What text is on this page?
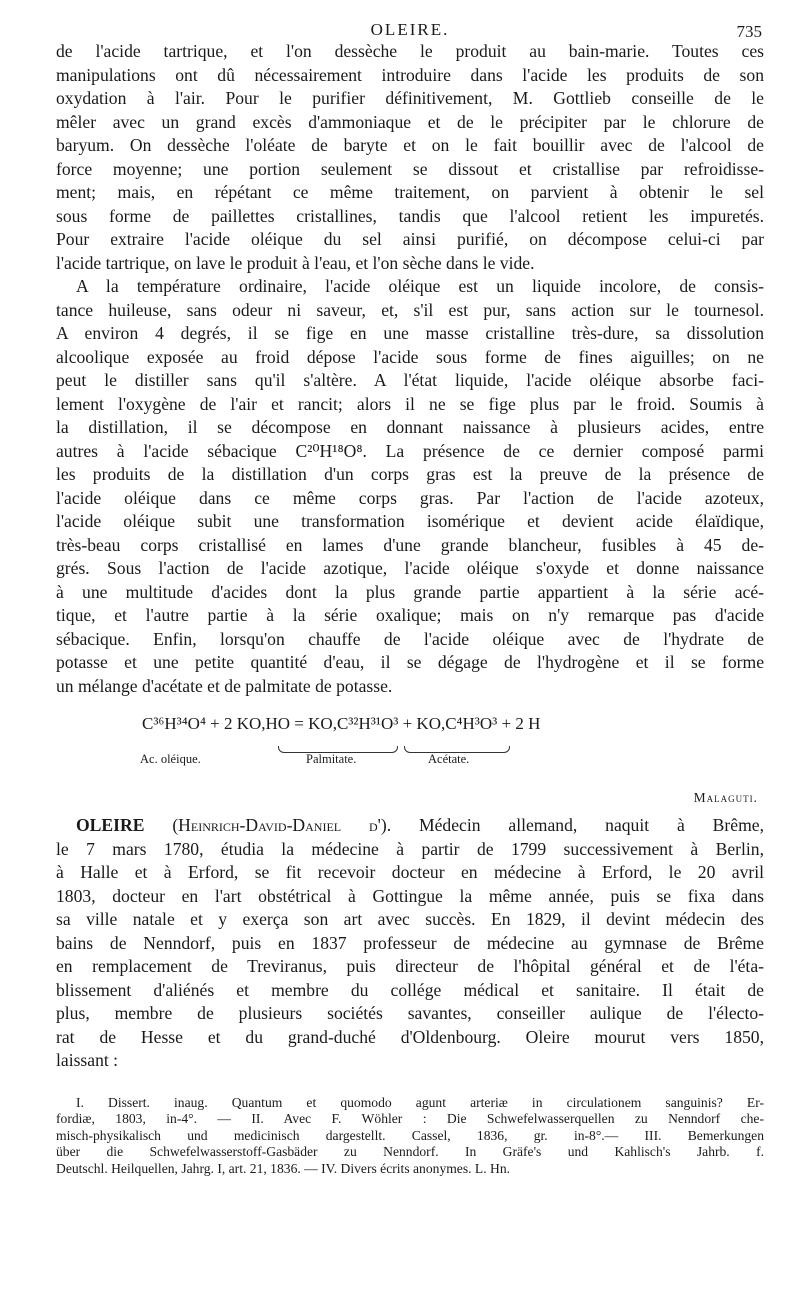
OLEIRE.	735
de l'acide tartrique, et l'on dessèche le produit au bain-marie. Toutes ces
manipulations ont dû nécessairement introduire dans l'acide les produits de son
oxydation à l'air. Pour le purifier définitivement, M. Gottlieb conseille de le
mêler avec un grand excès d'ammoniaque et de le précipiter par le chlorure de
baryum. On dessèche l'oléate de baryte et on le fait bouillir avec de l'alcool de
force moyenne; une portion seulement se dissout et cristallise par refroidisse-
ment; mais, en répétant ce même traitement, on parvient à obtenir le sel
sous forme de paillettes cristallines, tandis que l'alcool retient les impuretés.
Pour extraire l'acide oléique du sel ainsi purifié, on décompose celui-ci par
l'acide tartrique, on lave le produit à l'eau, et l'on sèche dans le vide.
A la température ordinaire, l'acide oléique est un liquide incolore, de consis-
tance huileuse, sans odeur ni saveur, et, s'il est pur, sans action sur le tournesol.
A environ 4 degrés, il se fige en une masse cristalline très-dure, sa dissolution
alcoolique exposée au froid dépose l'acide sous forme de fines aiguilles; on ne
peut le distiller sans qu'il s'altère. A l'état liquide, l'acide oléique absorbe faci-
lement l'oxygène de l'air et rancit; alors il ne se fige plus par le froid. Soumis à
la distillation, il se décompose en donnant naissance à plusieurs acides, entre
autres à l'acide sébacique C²⁰H¹⁸O⁸. La présence de ce dernier composé parmi
les produits de la distillation d'un corps gras est la preuve de la présence de
l'acide oléique dans ce même corps gras. Par l'action de l'acide azoteux,
l'acide oléique subit une transformation isomérique et devient acide élaïdique,
très-beau corps cristallisé en lames d'une grande blancheur, fusibles à 45 de-
grés. Sous l'action de l'acide azotique, l'acide oléique s'oxyde et donne naissance
à une multitude d'acides dont la plus grande partie appartient à la série acé-
tique, et l'autre partie à la série oxalique; mais on n'y remarque pas d'acide
sébacique. Enfin, lorsqu'on chauffe de l'acide oléique avec de l'hydrate de
potasse et une petite quantité d'eau, il se dégage de l'hydrogène et il se forme
un mélange d'acétate et de palmitate de potasse.
C³⁶H³⁴O⁴ + 2 KO,HO = KO,C³²H³¹O³ + KO,C⁴H³O³ + 2 H
Ac. oléique.	Palmitate.	Acétate.
Malaguti.
OLEIRE (Heinrich-David-Daniel d'). Médecin allemand, naquit à Brême,
le 7 mars 1780, étudia la médecine à partir de 1799 successivement à Berlin,
à Halle et à Erford, se fit recevoir docteur en médecine à Erford, le 20 avril
1803, docteur en l'art obstétrical à Gottingue la même année, puis se fixa dans
sa ville natale et y exerça son art avec succès. En 1829, il devint médecin des
bains de Nenndorf, puis en 1837 professeur de médecine au gymnase de Brême
en remplacement de Treviranus, puis directeur de l'hôpital général et de l'éta-
blissement d'aliénés et membre du collége médical et sanitaire. Il était de
plus, membre de plusieurs sociétés savantes, conseiller aulique de l'électo-
rat de Hesse et du grand-duché d'Oldenbourg. Oleire mourut vers 1850,
laissant :
I. Dissert. inaug. Quantum et quomodo agunt arteriæ in circulationem sanguinis? Er-
fordiæ, 1803, in-4°. — II. Avec F. Wöhler : Die Schwefelwasserquellen zu Nenndorf che-
misch-physikalisch und medicinisch dargestellt. Cassel, 1836, gr. in-8°.— III. Bemerkungen
über die Schwefelwasserstoff-Gasbäder zu Nenndorf. In Gräfe's und Kahlisch's Jahrb. f.
Deutschl. Heilquellen, Jahrg. I, art. 21, 1836. — IV. Divers écrits anonymes. L. Hn.
